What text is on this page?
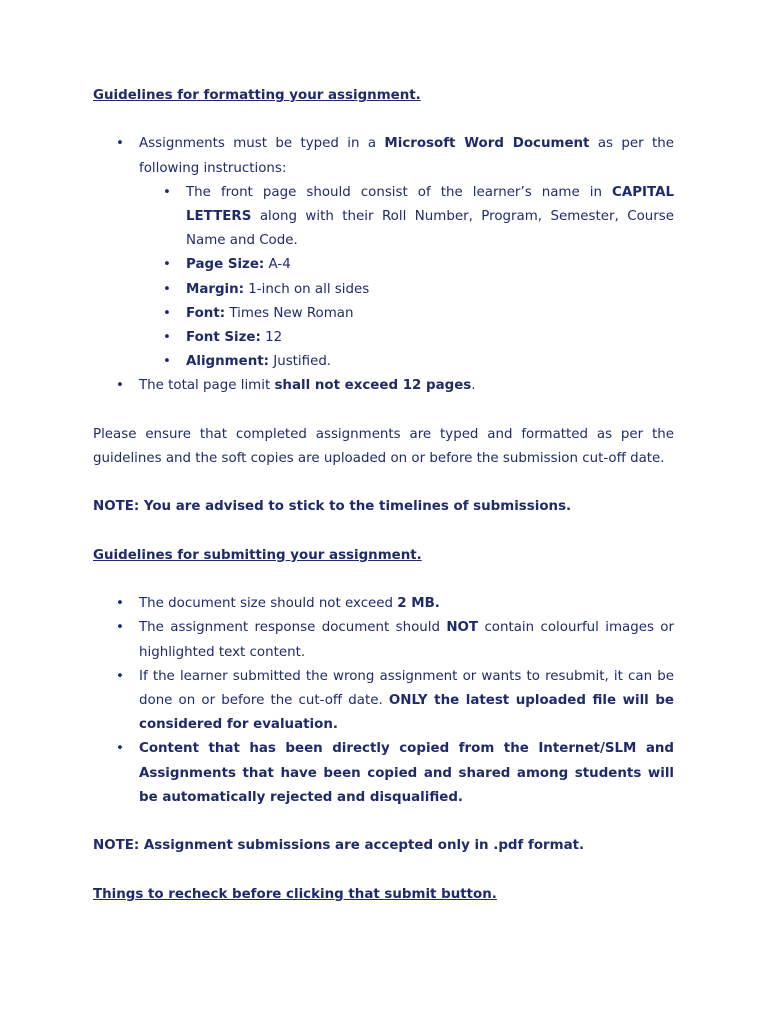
Guidelines for formatting your assignment.

• Assignments must be typed in a Microsoft Word Document as per the following instructions:
• The front page should consist of the learner’s name in CAPITAL LETTERS along with their Roll Number, Program, Semester, Course Name and Code.
• Page Size: A-4
• Margin: 1-inch on all sides
• Font: Times New Roman
• Font Size: 12
• Alignment: Justified.
• The total page limit shall not exceed 12 pages.

Please ensure that completed assignments are typed and formatted as per the guidelines and the soft copies are uploaded on or before the submission cut-off date.

NOTE: You are advised to stick to the timelines of submissions.

Guidelines for submitting your assignment.

• The document size should not exceed 2 MB.
• The assignment response document should NOT contain colourful images or highlighted text content.
• If the learner submitted the wrong assignment or wants to resubmit, it can be done on or before the cut-off date. ONLY the latest uploaded file will be considered for evaluation.
• Content that has been directly copied from the Internet/SLM and Assignments that have been copied and shared among students will be automatically rejected and disqualified.

NOTE: Assignment submissions are accepted only in .pdf format.

Things to recheck before clicking that submit button.
